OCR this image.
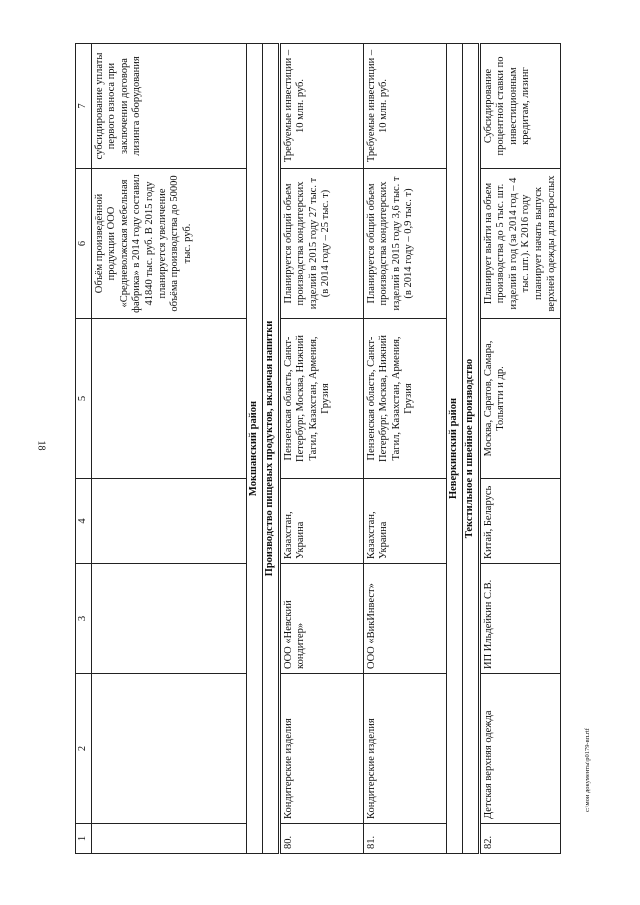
18
1	2	3	4	5	6	7
					Объём произведённой продукции ООО «Средневолжская мебельная фабрика» в 2014 году составил 41840 тыс. руб. В 2015 году планируется увеличение объёма производства до 50000 тыс. руб.	субсидирование уплаты первого взноса при заключении договора лизинга оборудования
Мокшанский район						
Производство пищевых продуктов, включая напитки						
80.	Кондитерские изделия	ООО «Невский кондитер»	Казахстан, Украина	Пензенская область, Санкт-Петербург, Москва, Нижний Тагил, Казахстан, Армения, Грузия	Планируется общий объем производства кондитерских изделий в 2015 году 27 тыс. т (в 2014 году – 25 тыс. т)	Требуемые инвестиции – 10 млн. руб.
81.	Кондитерские изделия	ООО «ВикИнвест»	Казахстан, Украина	Пензенская область, Санкт-Петербург, Москва, Нижний Тагил, Казахстан, Армения, Грузия	Планируется общий объем производства кондитерских изделий в 2015 году 3,6 тыс. т (в 2014 году – 0,9 тыс. т)	Требуемые инвестиции – 10 млн. руб.
Неверкинский район						
Текстильное и швейное производство						
82.	Детская верхняя одежда	ИП Ильдейкин С.В.	Китай, Беларусь	Москва, Саратов, Самара, Тольятти и др.	Планирует выйти на объем производства до 5 тыс. шт. изделий в год (за 2014 год – 4 тыс. шт.). К 2016 году планирует начать выпуск верхней одежды для взрослых	Субсидирование процентной ставки по инвестиционным кредитам, лизинг
c:\мои документы\p0179-вп.rtf
